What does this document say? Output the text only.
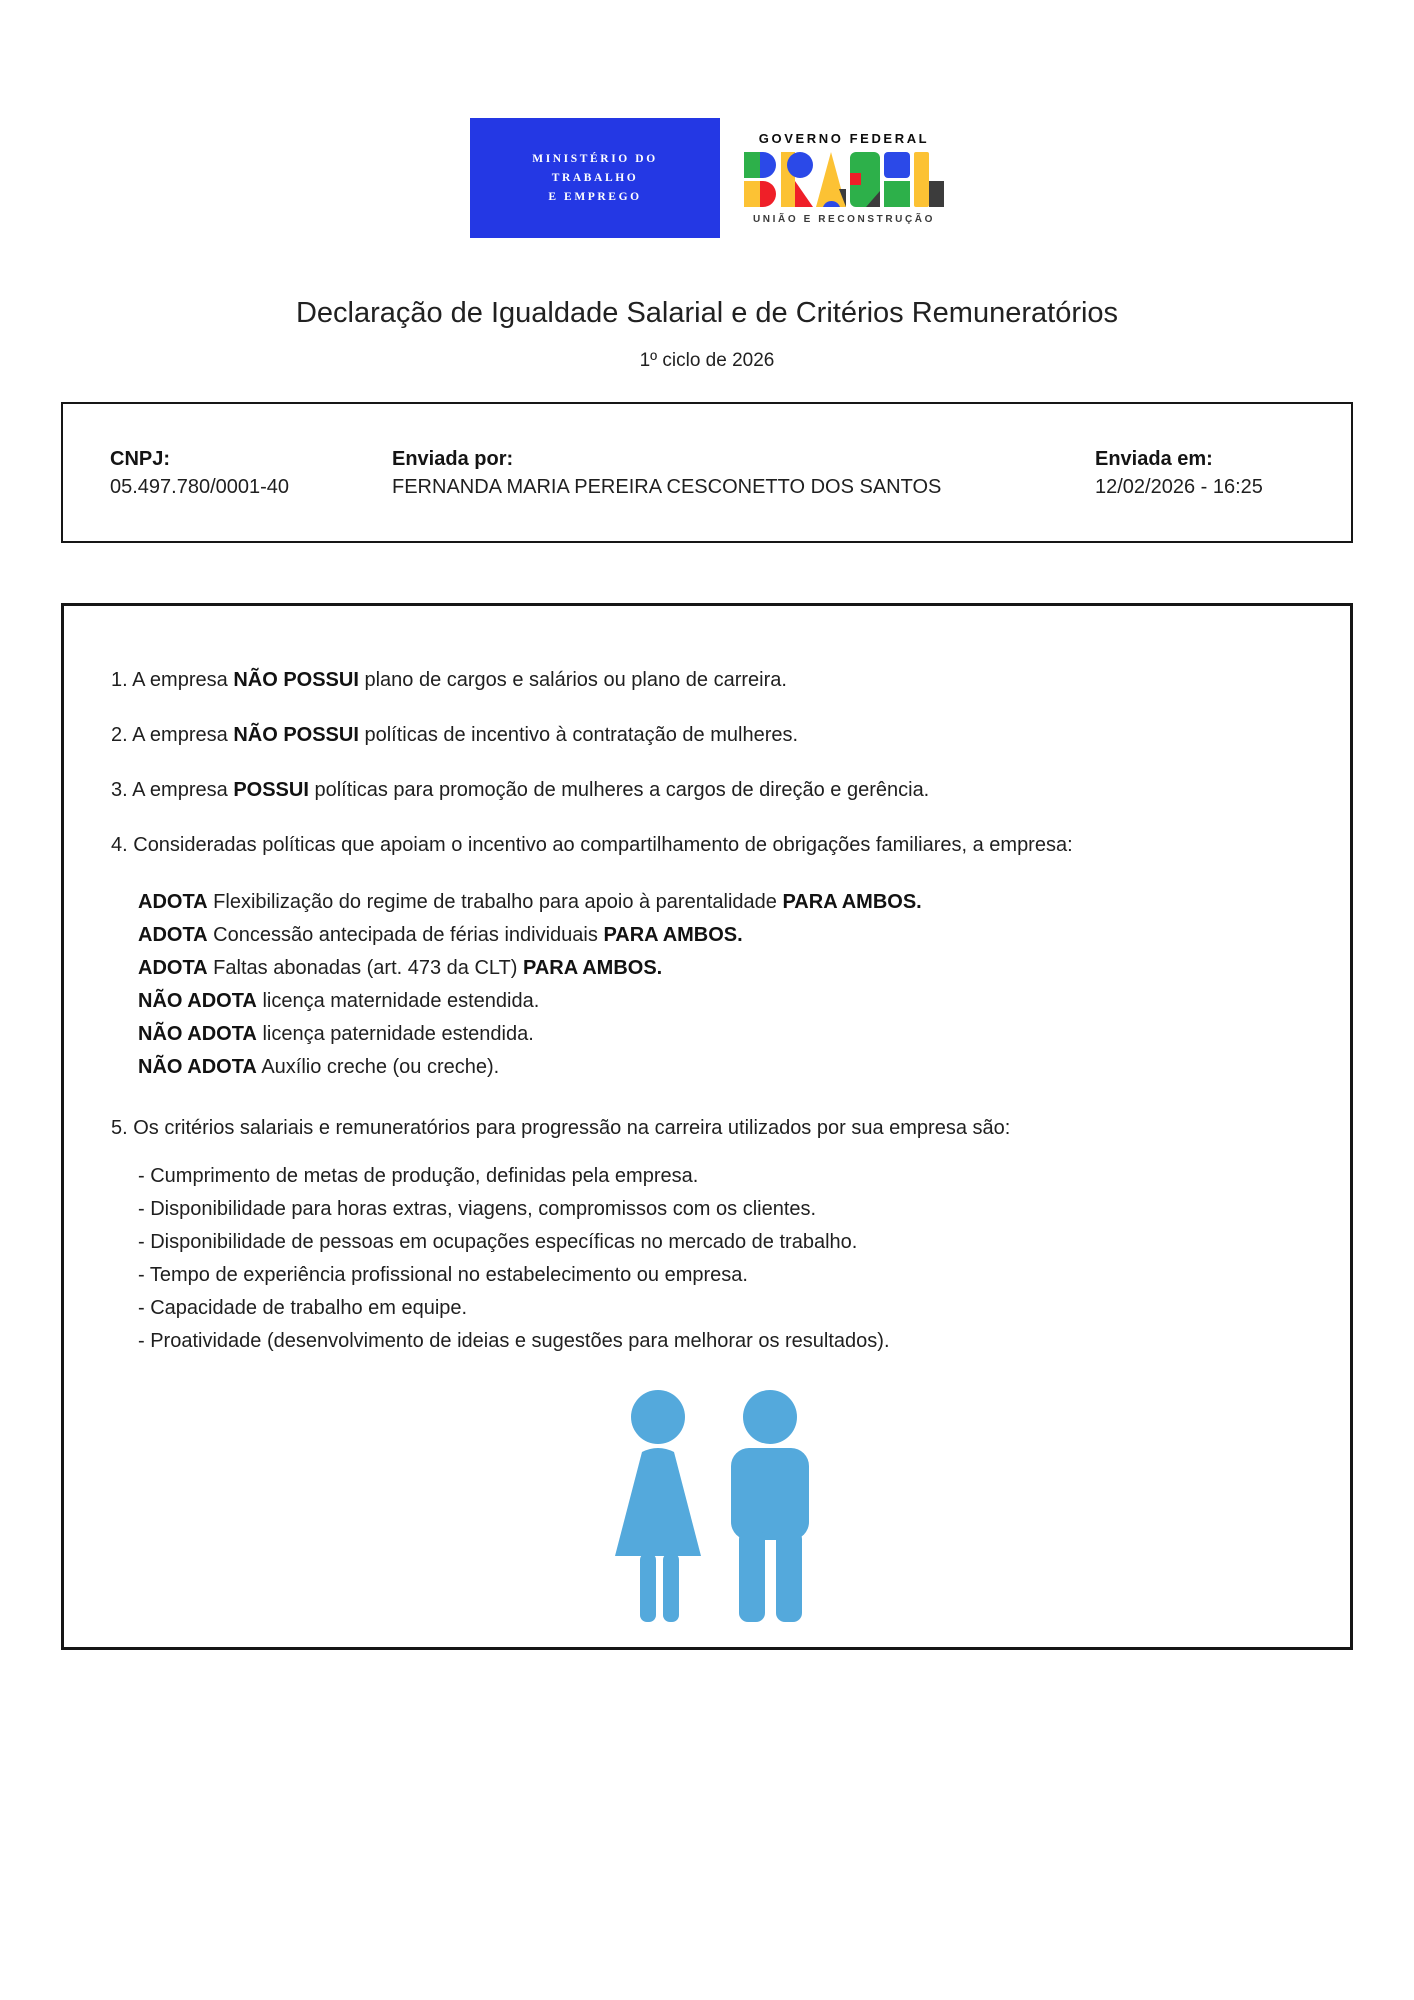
MINISTÉRIO DO
TRABALHO
E EMPREGO
GOVERNO FEDERAL
UNIÃO E RECONSTRUÇÃO
Declaração de Igualdade Salarial e de Critérios Remuneratórios
1º ciclo de 2026
CNPJ:
05.497.780/0001-40
Enviada por:
FERNANDA MARIA PEREIRA CESCONETTO DOS SANTOS
Enviada em:
12/02/2026 - 16:25

1. A empresa NÃO POSSUI plano de cargos e salários ou plano de carreira.

2. A empresa NÃO POSSUI políticas de incentivo à contratação de mulheres.

3. A empresa POSSUI políticas para promoção de mulheres a cargos de direção e gerência.

4. Consideradas políticas que apoiam o incentivo ao compartilhamento de obrigações familiares, a empresa:

ADOTA Flexibilização do regime de trabalho para apoio à parentalidade PARA AMBOS.

ADOTA Concessão antecipada de férias individuais PARA AMBOS.

ADOTA Faltas abonadas (art. 473 da CLT) PARA AMBOS.

NÃO ADOTA licença maternidade estendida.

NÃO ADOTA licença paternidade estendida.

NÃO ADOTA Auxílio creche (ou creche).

5. Os critérios salariais e remuneratórios para progressão na carreira utilizados por sua empresa são:

- Cumprimento de metas de produção, definidas pela empresa.

- Disponibilidade para horas extras, viagens, compromissos com os clientes.

- Disponibilidade de pessoas em ocupações específicas no mercado de trabalho.

- Tempo de experiência profissional no estabelecimento ou empresa.

- Capacidade de trabalho em equipe.

- Proatividade (desenvolvimento de ideias e sugestões para melhorar os resultados).
